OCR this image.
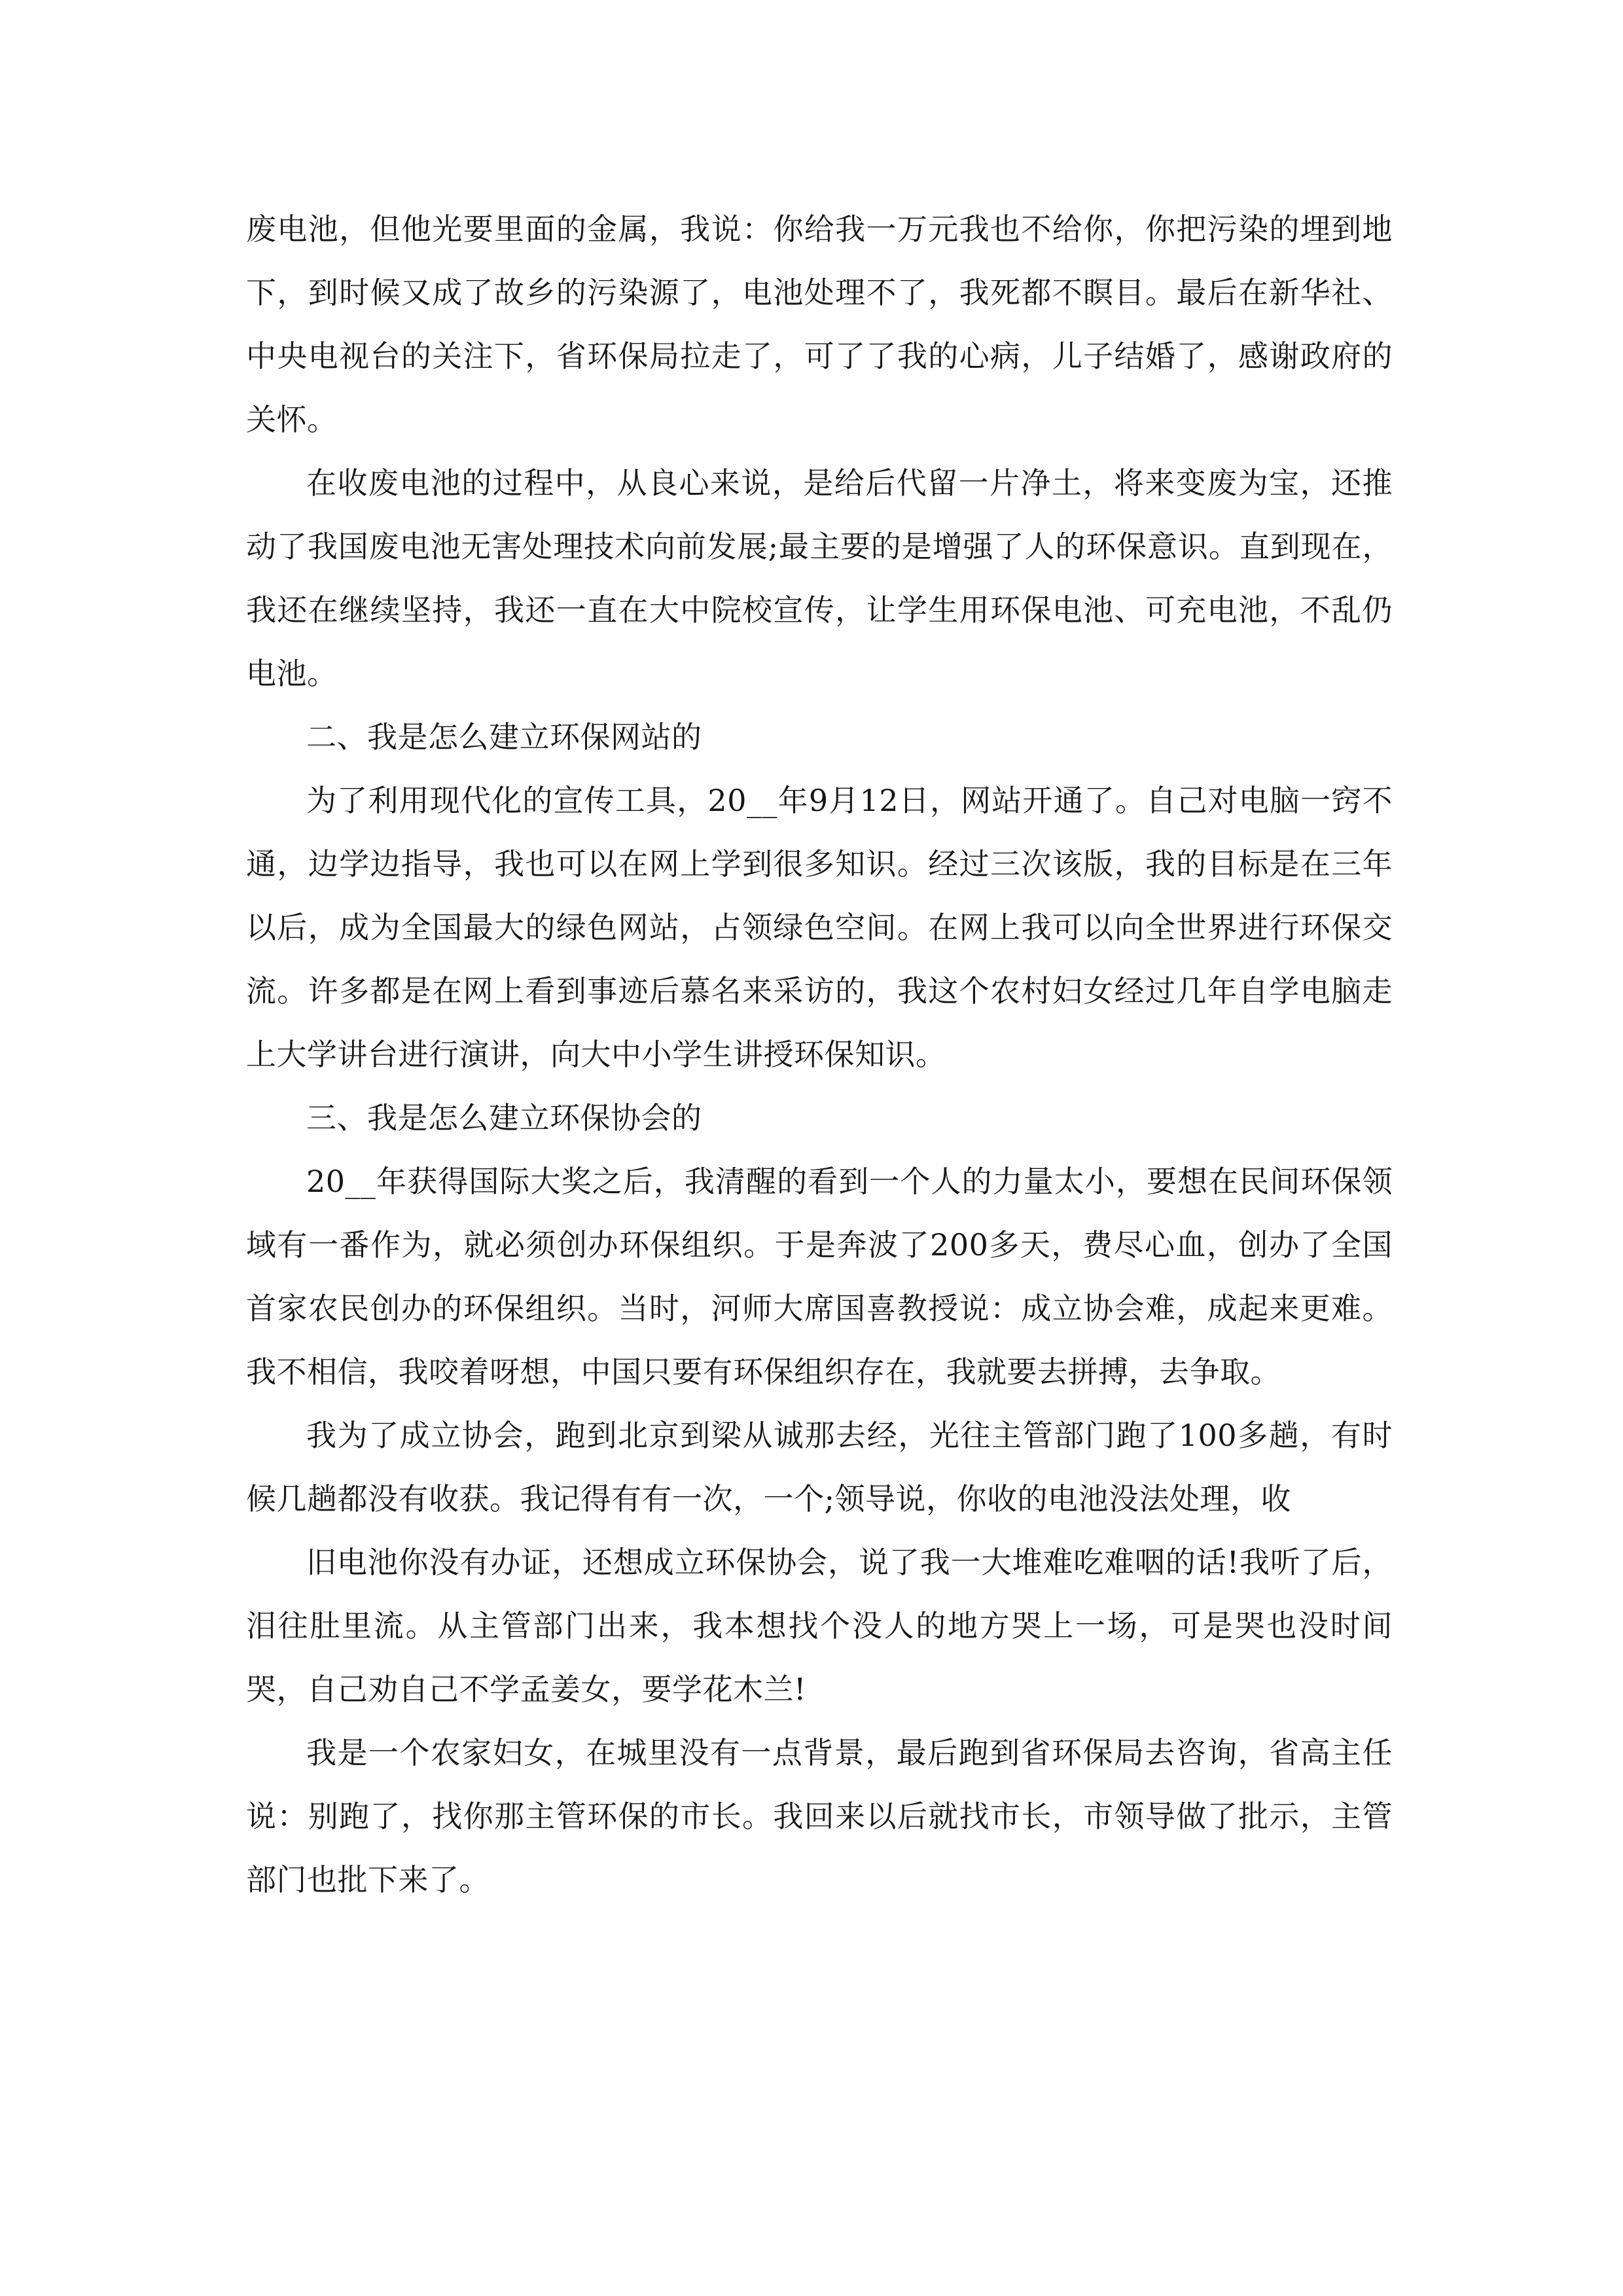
废电池，但他光要里面的金属，我说：你给我一万元我也不给你，你把污染的埋到地下，到时候又成了故乡的污染源了，电池处理不了，我死都不瞑目。最后在新华社、中央电视台的关注下，省环保局拉走了，可了了我的心病，儿子结婚了，感谢政府的关怀。

在收废电池的过程中，从良心来说，是给后代留一片净土，将来变废为宝，还推动了我国废电池无害处理技术向前发展;最主要的是增强了人的环保意识。直到现在，我还在继续坚持，我还一直在大中院校宣传，让学生用环保电池、可充电池，不乱仍电池。

二、我是怎么建立环保网站的

为了利用现代化的宣传工具，20__年9月12日，网站开通了。自己对电脑一窍不通，边学边指导，我也可以在网上学到很多知识。经过三次该版，我的目标是在三年以后，成为全国最大的绿色网站，占领绿色空间。在网上我可以向全世界进行环保交流。许多都是在网上看到事迹后慕名来采访的，我这个农村妇女经过几年自学电脑走上大学讲台进行演讲，向大中小学生讲授环保知识。

三、我是怎么建立环保协会的

20__年获得国际大奖之后，我清醒的看到一个人的力量太小，要想在民间环保领域有一番作为，就必须创办环保组织。于是奔波了200多天，费尽心血，创办了全国首家农民创办的环保组织。当时，河师大席国喜教授说：成立协会难，成起来更难。我不相信，我咬着呀想，中国只要有环保组织存在，我就要去拼搏，去争取。

我为了成立协会，跑到北京到梁从诚那去经，光往主管部门跑了100多趟，有时候几趟都没有收获。我记得有有一次，一个;领导说，你收的电池没法处理，收

旧电池你没有办证，还想成立环保协会，说了我一大堆难吃难咽的话!我听了后，泪往肚里流。从主管部门出来，我本想找个没人的地方哭上一场，可是哭也没时间哭，自己劝自己不学孟姜女，要学花木兰!

我是一个农家妇女，在城里没有一点背景，最后跑到省环保局去咨询，省高主任说：别跑了，找你那主管环保的市长。我回来以后就找市长，市领导做了批示，主管部门也批下来了。
